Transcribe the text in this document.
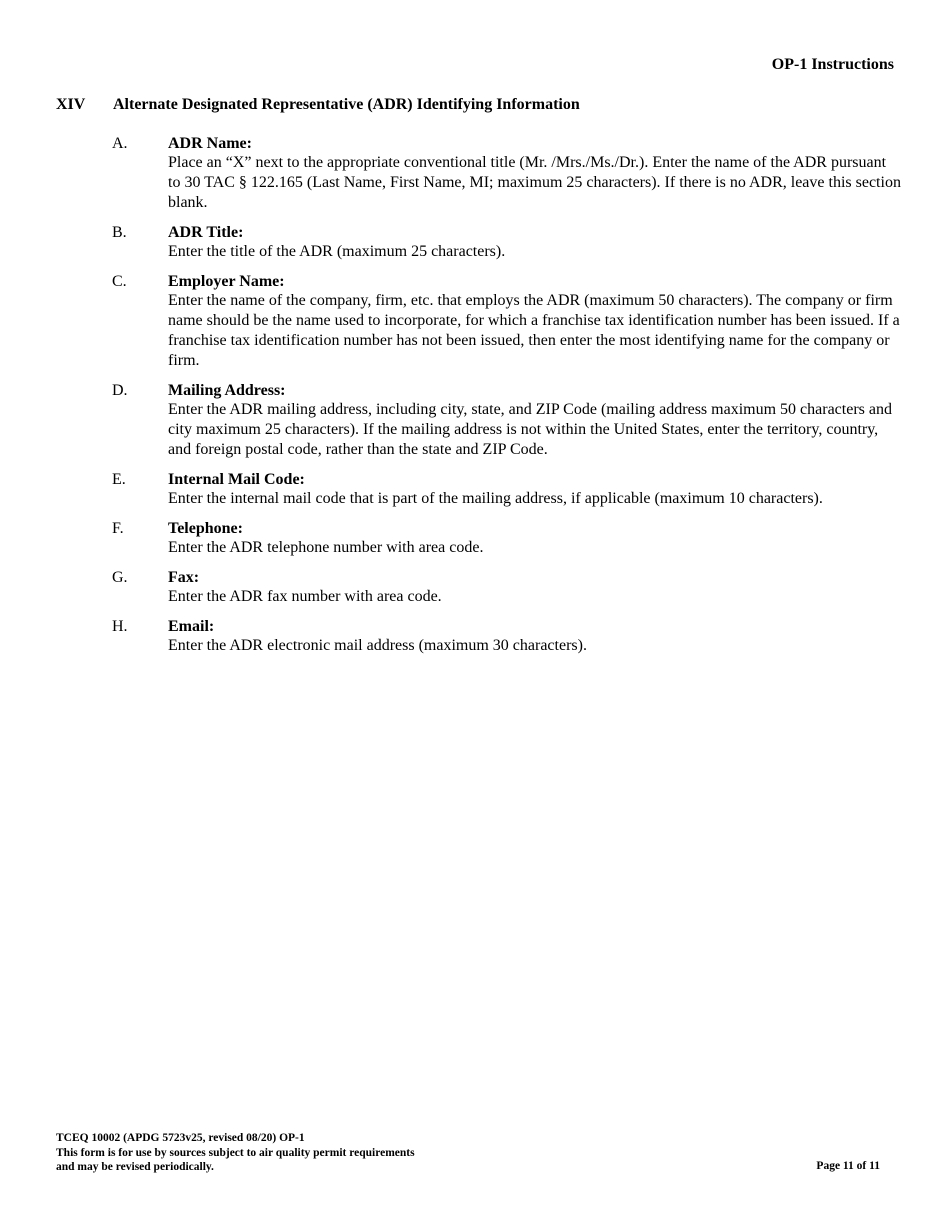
OP-1 Instructions
XIV Alternate Designated Representative (ADR) Identifying Information
A.	ADR Name:
Place an “X” next to the appropriate conventional title (Mr. /Mrs./Ms./Dr.). Enter the name of the ADR pursuant to 30 TAC § 122.165 (Last Name, First Name, MI; maximum 25 characters). If there is no ADR, leave this section blank.
B.	ADR Title:
Enter the title of the ADR (maximum 25 characters).
C.	Employer Name:
Enter the name of the company, firm, etc. that employs the ADR (maximum 50 characters). The company or firm name should be the name used to incorporate, for which a franchise tax identification number has been issued. If a franchise tax identification number has not been issued, then enter the most identifying name for the company or firm.
D.	Mailing Address:
Enter the ADR mailing address, including city, state, and ZIP Code (mailing address maximum 50 characters and city maximum 25 characters). If the mailing address is not within the United States, enter the territory, country, and foreign postal code, rather than the state and ZIP Code.
E.	Internal Mail Code:
Enter the internal mail code that is part of the mailing address, if applicable (maximum 10 characters).
F.	Telephone:
Enter the ADR telephone number with area code.
G.	Fax:
Enter the ADR fax number with area code.
H.	Email:
Enter the ADR electronic mail address (maximum 30 characters).
TCEQ 10002 (APDG 5723v25, revised 08/20) OP-1
This form is for use by sources subject to air quality permit requirements
and may be revised periodically.	Page 11 of 11
